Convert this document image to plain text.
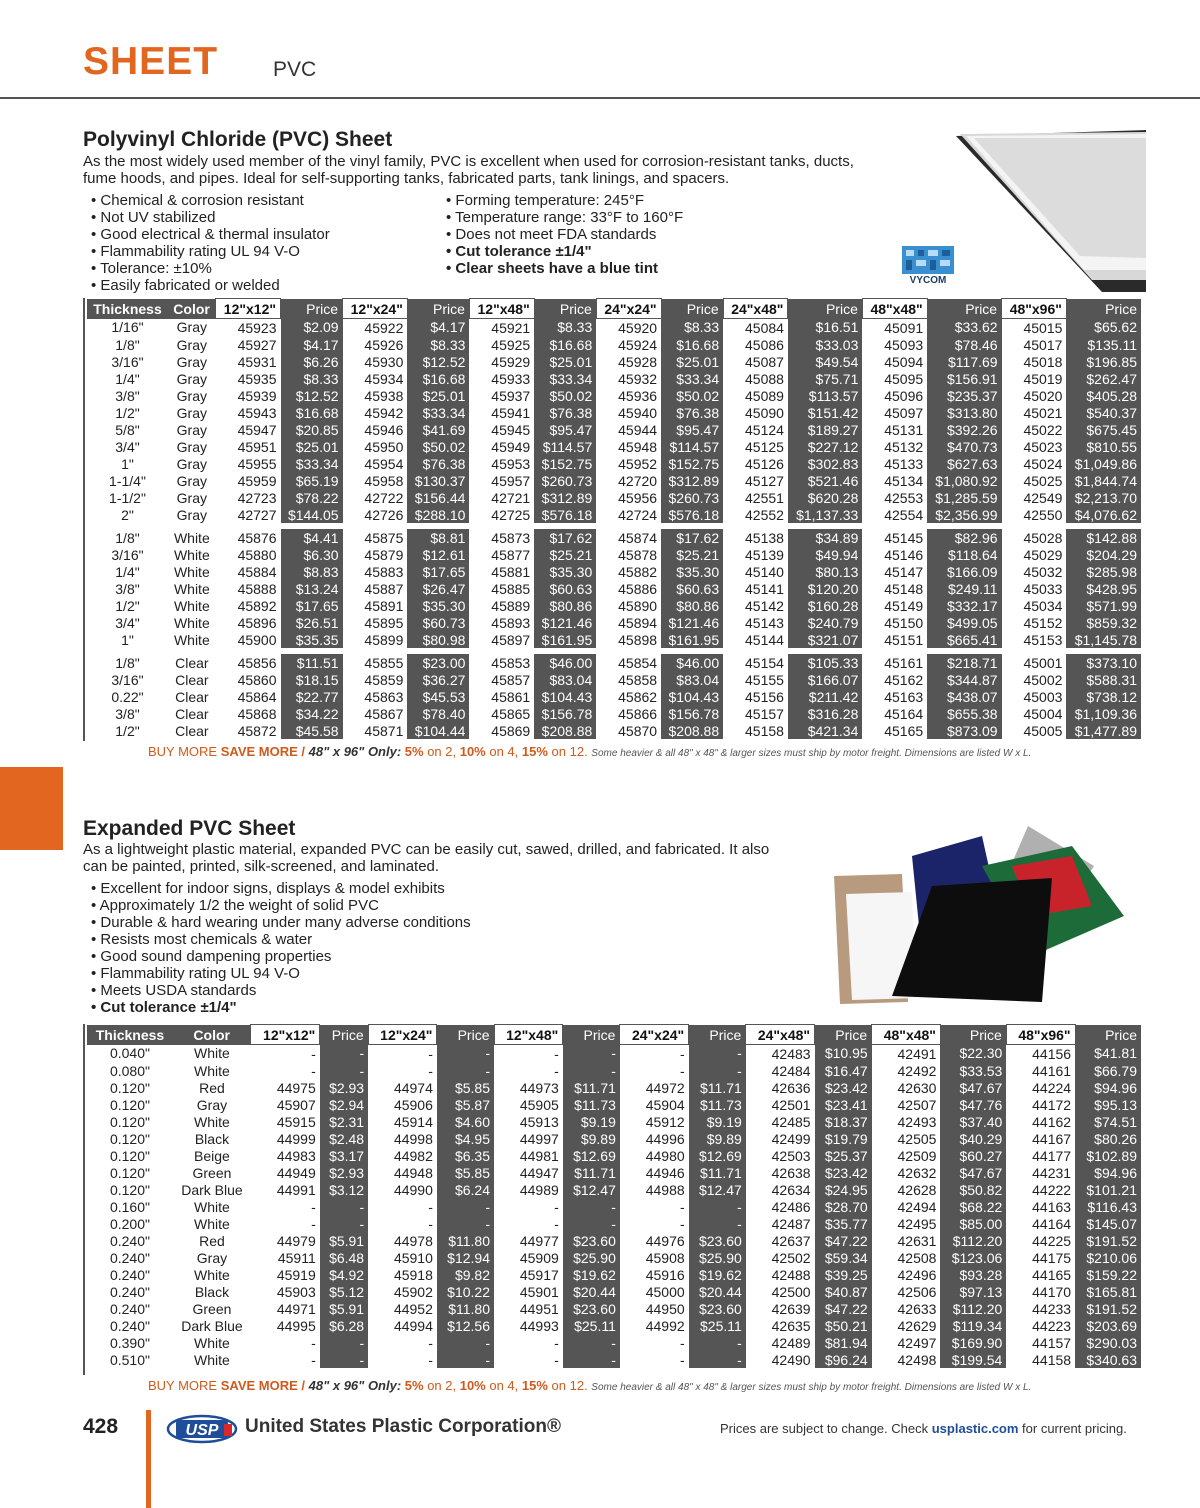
SHEET	PVC
Polyvinyl Chloride (PVC) Sheet
As the most widely used member of the vinyl family, PVC is excellent when used for corrosion-resistant tanks, ducts,
fume hoods, and pipes. Ideal for self-supporting tanks, fabricated parts, tank linings, and spacers.
• Chemical & corrosion resistant
• Not UV stabilized
• Good electrical & thermal insulator
• Flammability rating UL 94 V-O
• Tolerance: ±10%
• Easily fabricated or welded
• Forming temperature: 245°F
• Temperature range: 33°F to 160°F
• Does not meet FDA standards
• Cut tolerance ±1/4"
• Clear sheets have a blue tint
VYCOM
Thickness	Color	12"x12"	Price	12"x24"	Price	12"x48"	Price	24"x24"	Price	24"x48"	Price	48"x48"	Price	48"x96"	Price
1/16"	Gray	45923	$2.09	45922	$4.17	45921	$8.33	45920	$8.33	45084	$16.51	45091	$33.62	45015	$65.62
1/8"	Gray	45927	$4.17	45926	$8.33	45925	$16.68	45924	$16.68	45086	$33.03	45093	$78.46	45017	$135.11
3/16"	Gray	45931	$6.26	45930	$12.52	45929	$25.01	45928	$25.01	45087	$49.54	45094	$117.69	45018	$196.85
1/4"	Gray	45935	$8.33	45934	$16.68	45933	$33.34	45932	$33.34	45088	$75.71	45095	$156.91	45019	$262.47
3/8"	Gray	45939	$12.52	45938	$25.01	45937	$50.02	45936	$50.02	45089	$113.57	45096	$235.37	45020	$405.28
1/2"	Gray	45943	$16.68	45942	$33.34	45941	$76.38	45940	$76.38	45090	$151.42	45097	$313.80	45021	$540.37
5/8"	Gray	45947	$20.85	45946	$41.69	45945	$95.47	45944	$95.47	45124	$189.27	45131	$392.26	45022	$675.45
3/4"	Gray	45951	$25.01	45950	$50.02	45949	$114.57	45948	$114.57	45125	$227.12	45132	$470.73	45023	$810.55
1"	Gray	45955	$33.34	45954	$76.38	45953	$152.75	45952	$152.75	45126	$302.83	45133	$627.63	45024	$1,049.86
1-1/4"	Gray	45959	$65.19	45958	$130.37	45957	$260.73	42720	$312.89	45127	$521.46	45134	$1,080.92	45025	$1,844.74
1-1/2"	Gray	42723	$78.22	42722	$156.44	42721	$312.89	45956	$260.73	42551	$620.28	42553	$1,285.59	42549	$2,213.70
2"	Gray	42727	$144.05	42726	$288.10	42725	$576.18	42724	$576.18	42552	$1,137.33	42554	$2,356.99	42550	$4,076.62

1/8"	White	45876	$4.41	45875	$8.81	45873	$17.62	45874	$17.62	45138	$34.89	45145	$82.96	45028	$142.88
3/16"	White	45880	$6.30	45879	$12.61	45877	$25.21	45878	$25.21	45139	$49.94	45146	$118.64	45029	$204.29
1/4"	White	45884	$8.83	45883	$17.65	45881	$35.30	45882	$35.30	45140	$80.13	45147	$166.09	45032	$285.98
3/8"	White	45888	$13.24	45887	$26.47	45885	$60.63	45886	$60.63	45141	$120.20	45148	$249.11	45033	$428.95
1/2"	White	45892	$17.65	45891	$35.30	45889	$80.86	45890	$80.86	45142	$160.28	45149	$332.17	45034	$571.99
3/4"	White	45896	$26.51	45895	$60.73	45893	$121.46	45894	$121.46	45143	$240.79	45150	$499.05	45152	$859.32
1"	White	45900	$35.35	45899	$80.98	45897	$161.95	45898	$161.95	45144	$321.07	45151	$665.41	45153	$1,145.78

1/8"	Clear	45856	$11.51	45855	$23.00	45853	$46.00	45854	$46.00	45154	$105.33	45161	$218.71	45001	$373.10
3/16"	Clear	45860	$18.15	45859	$36.27	45857	$83.04	45858	$83.04	45155	$166.07	45162	$344.87	45002	$588.31
0.22"	Clear	45864	$22.77	45863	$45.53	45861	$104.43	45862	$104.43	45156	$211.42	45163	$438.07	45003	$738.12
3/8"	Clear	45868	$34.22	45867	$78.40	45865	$156.78	45866	$156.78	45157	$316.28	45164	$655.38	45004	$1,109.36
1/2"	Clear	45872	$45.58	45871	$104.44	45869	$208.88	45870	$208.88	45158	$421.34	45165	$873.09	45005	$1,477.89
BUY MORE SAVE MORE / 48" x 96" Only: 5% on 2, 10% on 4, 15% on 12. Some heavier & all 48" x 48" & larger sizes must ship by motor freight. Dimensions are listed W x L.
Expanded PVC Sheet
As a lightweight plastic material, expanded PVC can be easily cut, sawed, drilled, and fabricated. It also
can be painted, printed, silk-screened, and laminated.
• Excellent for indoor signs, displays & model exhibits
• Approximately 1/2 the weight of solid PVC
• Durable & hard wearing under many adverse conditions
• Resists most chemicals & water
• Good sound dampening properties
• Flammability rating UL 94 V-O
• Meets USDA standards
• Cut tolerance ±1/4"
Thickness	Color	12"x12"	Price	12"x24"	Price	12"x48"	Price	24"x24"	Price	24"x48"	Price	48"x48"	Price	48"x96"	Price
0.040"	White	-	-	-	-	-	-	-	-	42483	$10.95	42491	$22.30	44156	$41.81
0.080"	White	-	-	-	-	-	-	-	-	42484	$16.47	42492	$33.53	44161	$66.79
0.120"	Red	44975	$2.93	44974	$5.85	44973	$11.71	44972	$11.71	42636	$23.42	42630	$47.67	44224	$94.96
0.120"	Gray	45907	$2.94	45906	$5.87	45905	$11.73	45904	$11.73	42501	$23.41	42507	$47.76	44172	$95.13
0.120"	White	45915	$2.31	45914	$4.60	45913	$9.19	45912	$9.19	42485	$18.37	42493	$37.40	44162	$74.51
0.120"	Black	44999	$2.48	44998	$4.95	44997	$9.89	44996	$9.89	42499	$19.79	42505	$40.29	44167	$80.26
0.120"	Beige	44983	$3.17	44982	$6.35	44981	$12.69	44980	$12.69	42503	$25.37	42509	$60.27	44177	$102.89
0.120"	Green	44949	$2.93	44948	$5.85	44947	$11.71	44946	$11.71	42638	$23.42	42632	$47.67	44231	$94.96
0.120"	Dark Blue	44991	$3.12	44990	$6.24	44989	$12.47	44988	$12.47	42634	$24.95	42628	$50.82	44222	$101.21
0.160"	White	-	-	-	-	-	-	-	-	42486	$28.70	42494	$68.22	44163	$116.43
0.200"	White	-	-	-	-	-	-	-	-	42487	$35.77	42495	$85.00	44164	$145.07
0.240"	Red	44979	$5.91	44978	$11.80	44977	$23.60	44976	$23.60	42637	$47.22	42631	$112.20	44225	$191.52
0.240"	Gray	45911	$6.48	45910	$12.94	45909	$25.90	45908	$25.90	42502	$59.34	42508	$123.06	44175	$210.06
0.240"	White	45919	$4.92	45918	$9.82	45917	$19.62	45916	$19.62	42488	$39.25	42496	$93.28	44165	$159.22
0.240"	Black	45903	$5.12	45902	$10.22	45901	$20.44	45000	$20.44	42500	$40.87	42506	$97.13	44170	$165.81
0.240"	Green	44971	$5.91	44952	$11.80	44951	$23.60	44950	$23.60	42639	$47.22	42633	$112.20	44233	$191.52
0.240"	Dark Blue	44995	$6.28	44994	$12.56	44993	$25.11	44992	$25.11	42635	$50.21	42629	$119.34	44223	$203.69
0.390"	White	-	-	-	-	-	-	-	-	42489	$81.94	42497	$169.90	44157	$290.03
0.510"	White	-	-	-	-	-	-	-	-	42490	$96.24	42498	$199.54	44158	$340.63
BUY MORE SAVE MORE / 48" x 96" Only: 5% on 2, 10% on 4, 15% on 12. Some heavier & all 48" x 48" & larger sizes must ship by motor freight. Dimensions are listed W x L.
428	USP United States Plastic Corporation®	Prices are subject to change. Check usplastic.com for current pricing.
